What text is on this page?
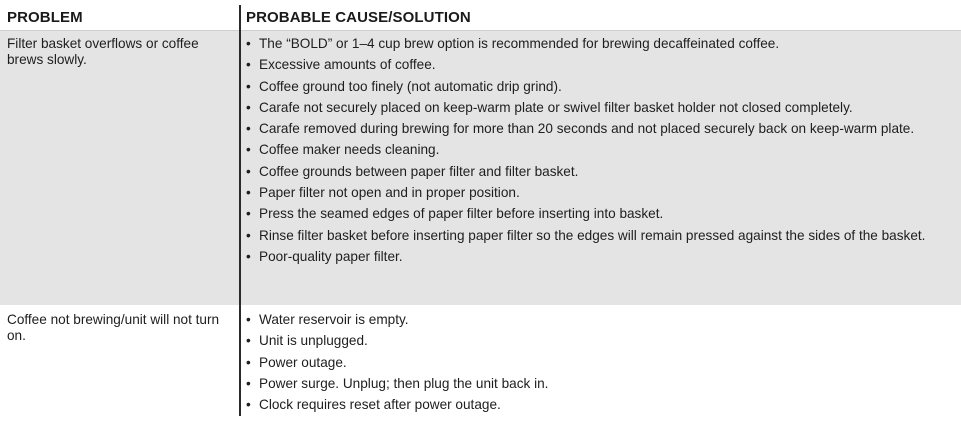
PROBLEM	PROBABLE CAUSE/SOLUTION
Filter basket overflows or coffee brews slowly.
• The “BOLD” or 1–4 cup brew option is recommended for brewing decaffeinated coffee.
• Excessive amounts of coffee.
• Coffee ground too finely (not automatic drip grind).
• Carafe not securely placed on keep-warm plate or swivel filter basket holder not closed completely.
• Carafe removed during brewing for more than 20 seconds and not placed securely back on keep-warm plate.
• Coffee maker needs cleaning.
• Coffee grounds between paper filter and filter basket.
• Paper filter not open and in proper position.
• Press the seamed edges of paper filter before inserting into basket.
• Rinse filter basket before inserting paper filter so the edges will remain pressed against the sides of the basket.
• Poor-quality paper filter.
Coffee not brewing/unit will not turn on.
• Water reservoir is empty.
• Unit is unplugged.
• Power outage.
• Power surge. Unplug; then plug the unit back in.
• Clock requires reset after power outage.
